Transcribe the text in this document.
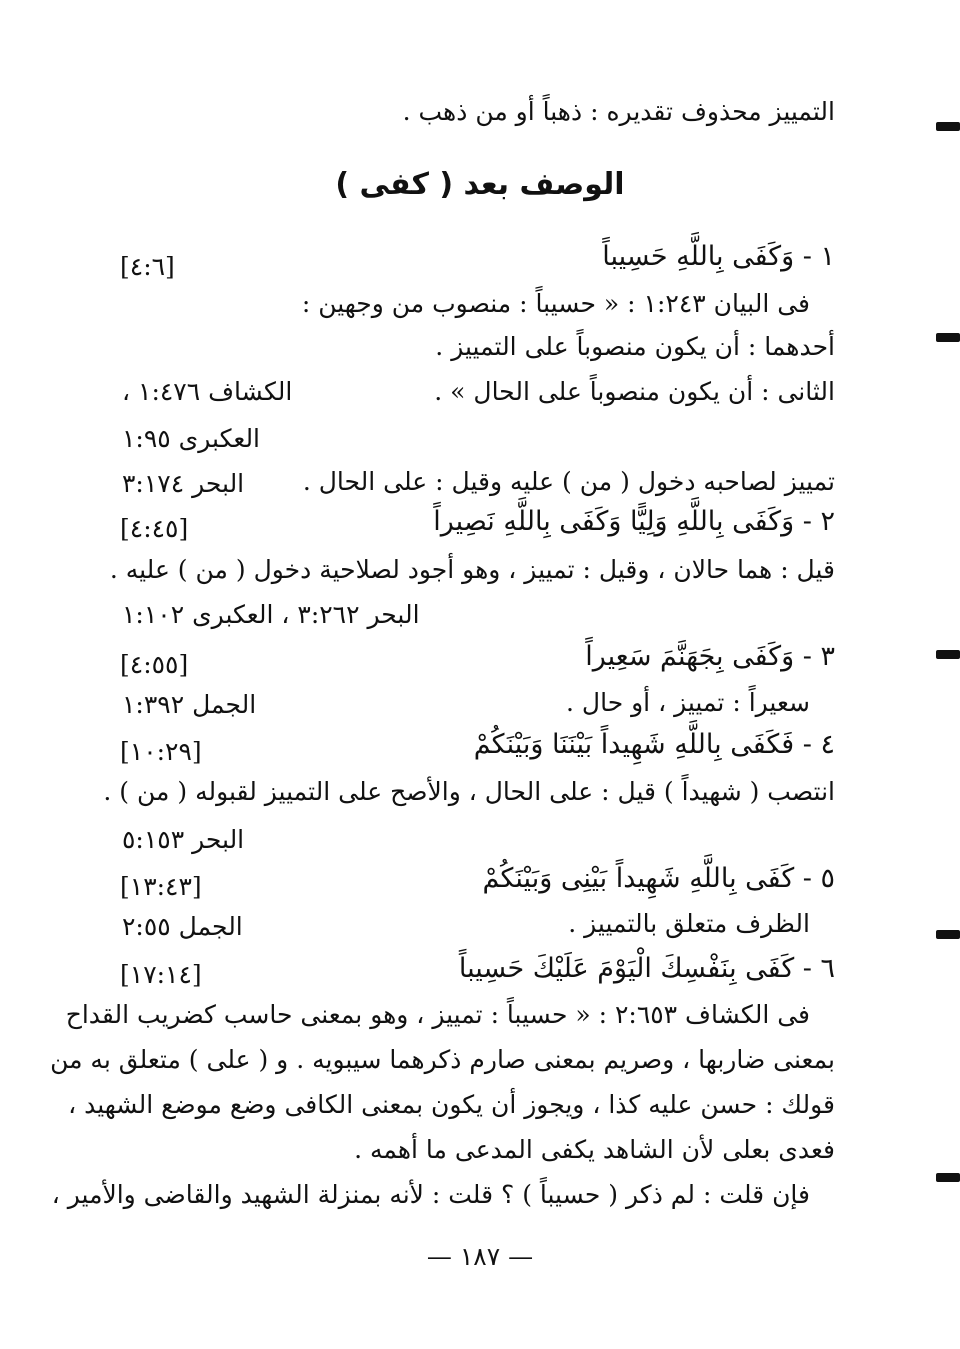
التمييز محذوف تقديره : ذهباً أو من ذهب .
الوصف بعد ( كفى )
١ - وَكَفَى بِاللَّهِ حَسِيباً
[٤:٦]
فى البيان ١:٢٤٣ : « حسيباً : منصوب من وجهين :
أحدهما : أن يكون منصوباً على التمييز .
الثانى : أن يكون منصوباً على الحال » .
الكشاف ١:٤٧٦ ،
العكبرى ١:٩٥
تمييز لصاحبه دخول ( من ) عليه وقيل : على الحال .
البحر ٣:١٧٤
٢ - وَكَفَى بِاللَّهِ وَلِيًّا وَكَفَى بِاللَّهِ نَصِيراً
[٤:٤٥]
قيل : هما حالان ، وقيل : تمييز ، وهو أجود لصلاحية دخول ( من ) عليه .
البحر ٣:٢٦٢ ، العكبرى ١:١٠٢
٣ - وَكَفَى بِجَهَنَّمَ سَعِيراً
[٤:٥٥]
سعيراً : تمييز ، أو حال .
الجمل ١:٣٩٢
٤ - فَكَفَى بِاللَّهِ شَهِيداً بَيْنَنَا وَبَيْنَكُمْ
[١٠:٢٩]
انتصب ( شهيداً ) قيل : على الحال ، والأصح على التمييز لقبوله ( من ) .
البحر ٥:١٥٣
٥ - كَفَى بِاللَّهِ شَهِيداً بَيْنِى وَبَيْنَكُمْ
[١٣:٤٣]
الظرف متعلق بالتمييز .
الجمل ٢:٥٥
٦ - كَفَى بِنَفْسِكَ الْيَوْمَ عَلَيْكَ حَسِيباً
[١٧:١٤]
فى الكشاف ٢:٦٥٣ : « حسيباً : تمييز ، وهو بمعنى حاسب كضريب القداح
بمعنى ضاربها ، وصريم بمعنى صارم ذكرهما سيبويه . و ( على ) متعلق به من
قولك : حسن عليه كذا ، ويجوز أن يكون بمعنى الكافى وضع موضع الشهيد ،
فعدى بعلى لأن الشاهد يكفى المدعى ما أهمه .
فإن قلت : لم ذكر ( حسيباً ) ؟ قلت : لأنه بمنزلة الشهيد والقاضى والأمير ،
— ١٨٧ —
